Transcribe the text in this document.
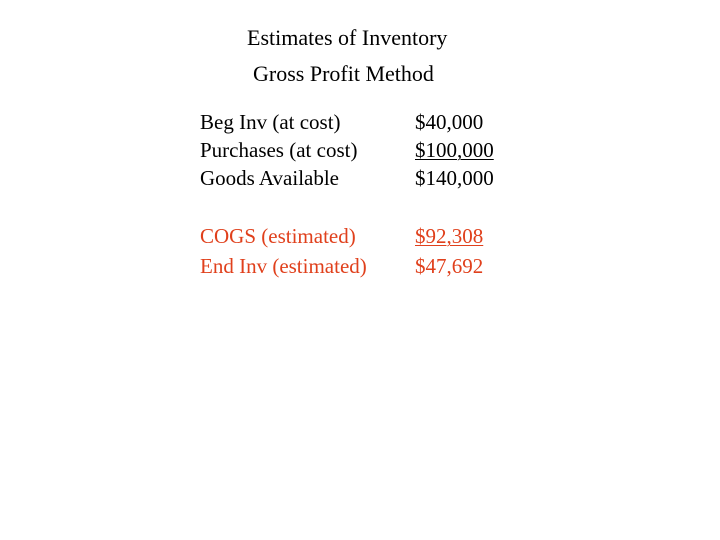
Estimates of Inventory
Gross Profit Method
Beg Inv (at cost)	$40,000
Purchases (at cost)	$100,000
Goods Available	$140,000
COGS (estimated)	$92,308
End Inv (estimated) $47,692
